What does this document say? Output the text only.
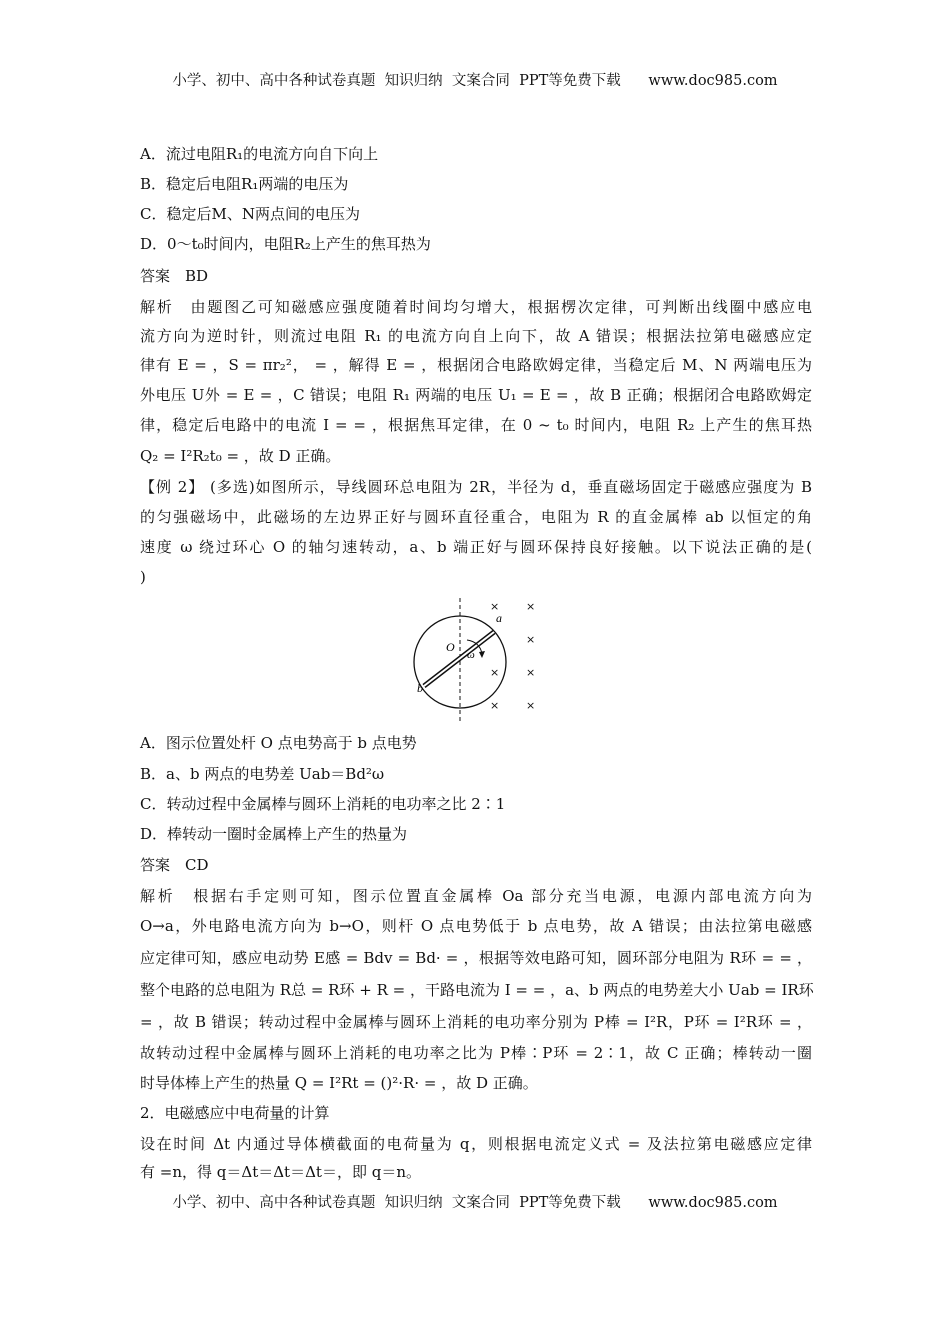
小学、初中、高中各种试卷真题  知识归纳  文案合同  PPT等免费下载      www.doc985.com
A．流过电阻R₁的电流方向自下向上
B．稳定后电阻R₁两端的电压为
C．稳定后M、N两点间的电压为
D．0～t₀时间内，电阻R₂上产生的焦耳热为
答案　BD
解析　由题图乙可知磁感应强度随着时间均匀增大，根据楞次定律，可判断出线圈中感应电
流方向为逆时针，则流过电阻 R₁ 的电流方向自上向下，故 A 错误；根据法拉第电磁感应定
律有 E = ，S = πr₂²， = ，解得 E = ，根据闭合电路欧姆定律，当稳定后 M、N 两端电压为
外电压 U外 = E = ，C 错误；电阻 R₁ 两端的电压 U₁ = E = ，故 B 正确；根据闭合电路欧姆定
律，稳定后电路中的电流 I = = ，根据焦耳定律，在 0 ~ t₀ 时间内，电阻 R₂ 上产生的焦耳热
Q₂ = I²R₂t₀ = ，故 D 正确。
【例 2】 (多选)如图所示，导线圆环总电阻为 2R，半径为 d，垂直磁场固定于磁感应强度为 B
的匀强磁场中，此磁场的左边界正好与圆环直径重合，电阻为 R 的直金属棒 ab 以恒定的角
速度 ω 绕过环心 O 的轴匀速转动，a、b 端正好与圆环保持良好接触。以下说法正确的是(
)
a
b
O
ω
× ×
×
× ×
× ×
A．图示位置处杆 O 点电势高于 b 点电势
B．a、b 两点的电势差 Uab＝Bd²ω
C．转动过程中金属棒与圆环上消耗的电功率之比 2∶1
D．棒转动一圈时金属棒上产生的热量为
答案　CD
解析　根据右手定则可知，图示位置直金属棒 Oa 部分充当电源，电源内部电流方向为
O→a，外电路电流方向为 b→O，则杆 O 点电势低于 b 点电势，故 A 错误；由法拉第电磁感
应定律可知，感应电动势 E感 = Bdv = Bd· = ，根据等效电路可知，圆环部分电阻为 R环 = = ，
整个电路的总电阻为 R总 = R环 + R = ，干路电流为 I = = ，a、b 两点的电势差大小 Uab = IR环
= ，故 B 错误；转动过程中金属棒与圆环上消耗的电功率分别为 P棒 = I²R，P环 = I²R环 = ，
故转动过程中金属棒与圆环上消耗的电功率之比为 P棒∶P环 = 2∶1，故 C 正确；棒转动一圈
时导体棒上产生的热量 Q = I²Rt = ()²·R· = ，故 D 正确。
2．电磁感应中电荷量的计算
设在时间 Δt 内通过导体横截面的电荷量为 q，则根据电流定义式 = 及法拉第电磁感应定律
有 =n，得 q＝Δt＝Δt＝Δt＝，即 q＝n。
小学、初中、高中各种试卷真题  知识归纳  文案合同  PPT等免费下载      www.doc985.com
